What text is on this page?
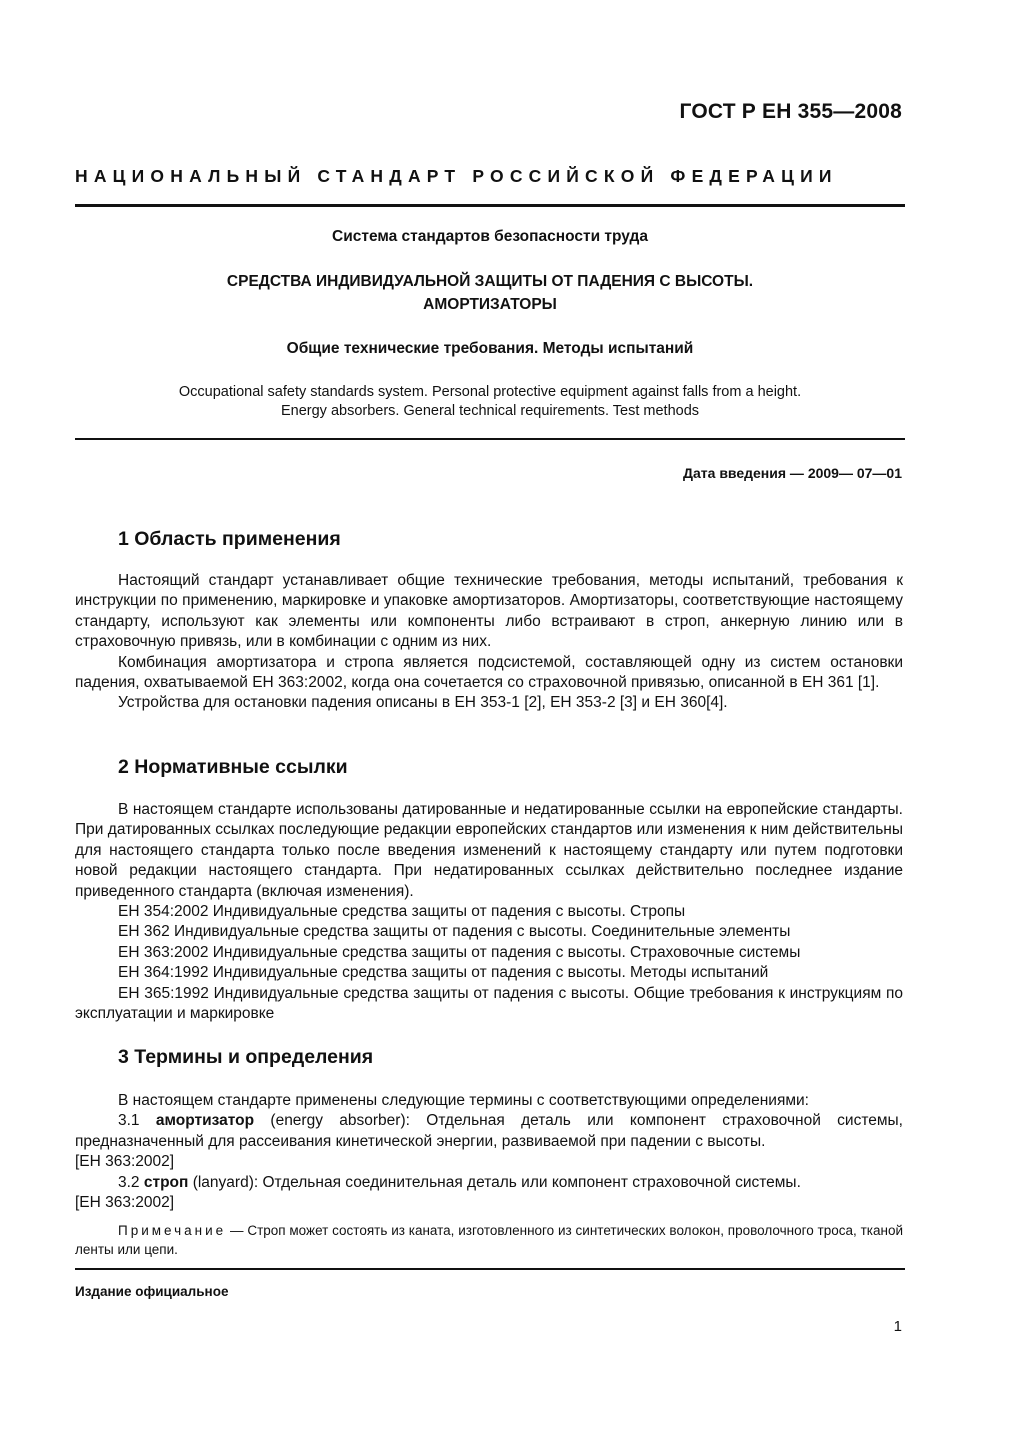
ГОСТ Р ЕН 355—2008
НАЦИОНАЛЬНЫЙ СТАНДАРТ РОССИЙСКОЙ ФЕДЕРАЦИИ
Система стандартов безопасности труда
СРЕДСТВА ИНДИВИДУАЛЬНОЙ ЗАЩИТЫ ОТ ПАДЕНИЯ С ВЫСОТЫ.
АМОРТИЗАТОРЫ
Общие технические требования. Методы испытаний
Occupational safety standards system. Personal protective equipment against falls from a height.
Energy absorbers. General technical requirements. Test methods
Дата введения — 2009— 07—01
1 Область применения

Настоящий стандарт устанавливает общие технические требования, методы испытаний, требования к инструкции по применению, маркировке и упаковке амортизаторов. Амортизаторы, соответствующие настоящему стандарту, используют как элементы или компоненты либо встраивают в строп, анкерную линию или в страховочную привязь, или в комбинации с одним из них.

Комбинация амортизатора и стропа является подсистемой, составляющей одну из систем остановки падения, охватываемой ЕН 363:2002, когда она сочетается со страховочной привязью, описанной в ЕН 361 [1].

Устройства для остановки падения описаны в ЕН 353-1 [2], ЕН 353-2 [3] и ЕН 360[4].

2 Нормативные ссылки

В настоящем стандарте использованы датированные и недатированные ссылки на европейские стандарты. При датированных ссылках последующие редакции европейских стандартов или изменения к ним действительны для настоящего стандарта только после введения изменений к настоящему стандарту или путем подготовки новой редакции настоящего стандарта. При недатированных ссылках действительно последнее издание приведенного стандарта (включая изменения).

ЕН 354:2002 Индивидуальные средства защиты от падения с высоты. Стропы

ЕН 362 Индивидуальные средства защиты от падения с высоты. Соединительные элементы

ЕН 363:2002 Индивидуальные средства защиты от падения с высоты. Страховочные системы

ЕН 364:1992 Индивидуальные средства защиты от падения с высоты. Методы испытаний

ЕН 365:1992 Индивидуальные средства защиты от падения с высоты. Общие требования к инструкциям по эксплуатации и маркировке

3 Термины и определения

В настоящем стандарте применены следующие термины с соответствующими определениями:

3.1 амортизатор (energy absorber): Отдельная деталь или компонент страховочной системы, предназначенный для рассеивания кинетической энергии, развиваемой при падении с высоты.

[ЕН 363:2002]

3.2 строп (lanyard): Отдельная соединительная деталь или компонент страховочной системы.

[ЕН 363:2002]

Примечание — Строп может состоять из каната, изготовленного из синтетических волокон, проволочного троса, тканой ленты или цепи.

Издание официальное
1
